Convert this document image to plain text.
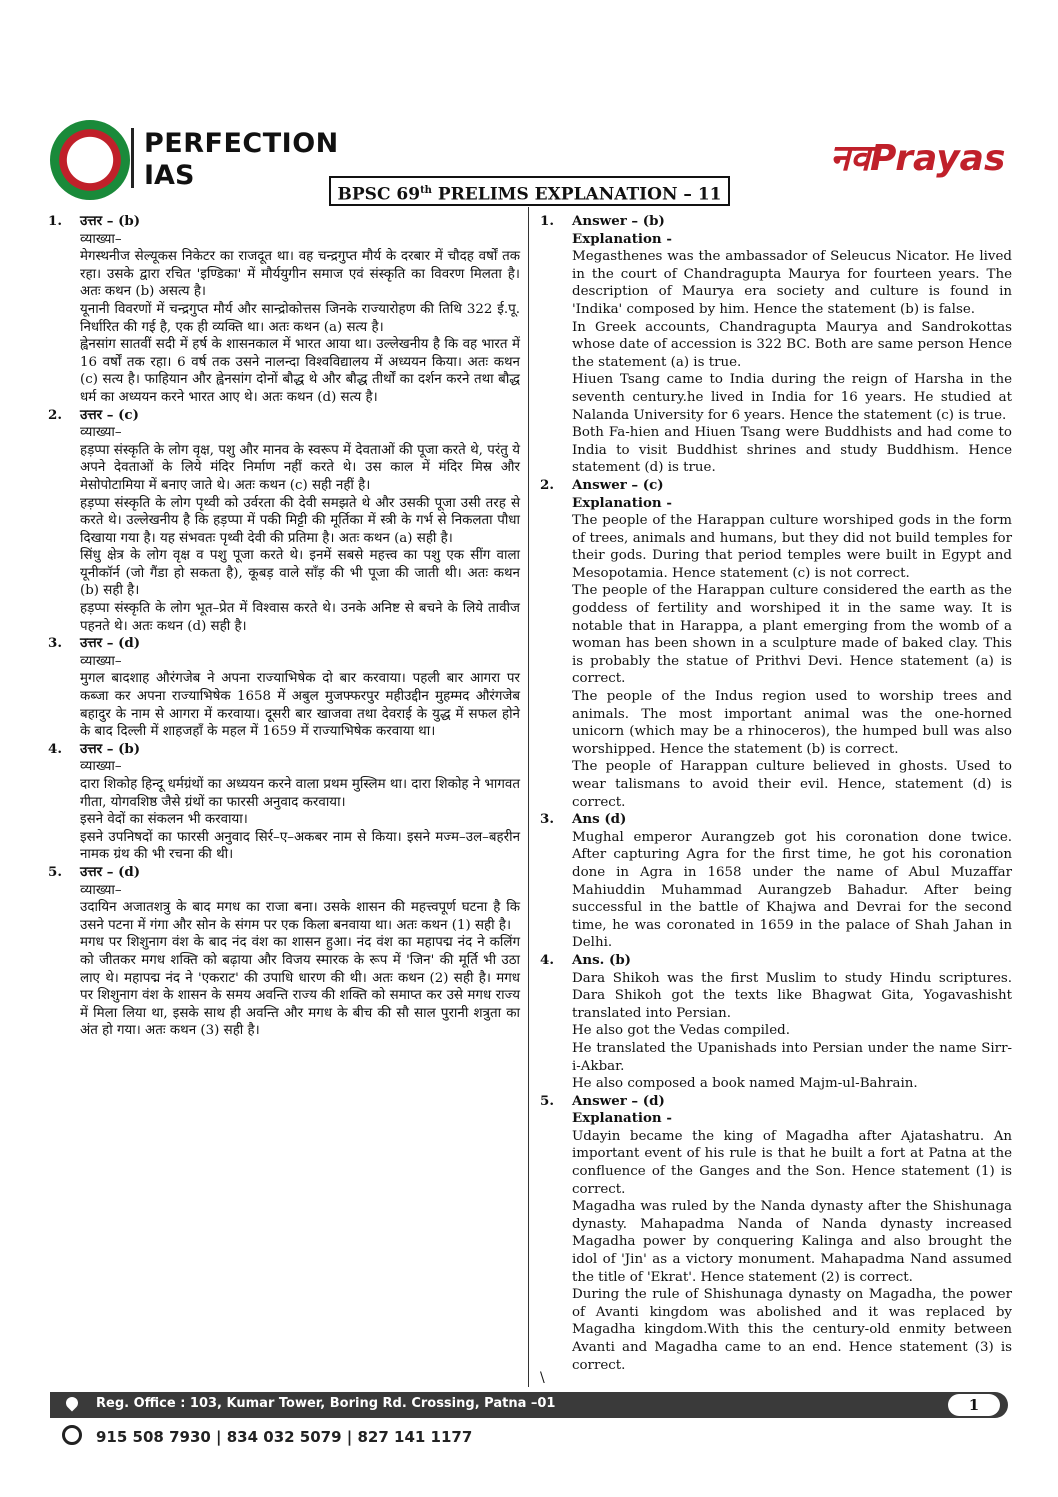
PERFECTION
IAS	नवPrayas
BPSC 69th PRELIMS EXPLANATION – 11
1.	उत्तर – (b)
व्याख्या–
मेगस्थनीज सेल्यूकस निकेटर का राजदूत था। वह चन्द्रगुप्त मौर्य के दरबार में चौदह वर्षों तक रहा। उसके द्वारा रचित 'इण्डिका' में मौर्ययुगीन समाज एवं संस्कृति का विवरण मिलता है। अतः कथन (b) असत्य है।
यूनानी विवरणों में चन्द्रगुप्त मौर्य और सान्द्रोकोत्तस जिनके राज्यारोहण की तिथि 322 ई.पू. निर्धारित की गई है, एक ही व्यक्ति था। अतः कथन (a) सत्य है।
ह्वेनसांग सातवीं सदी में हर्ष के शासनकाल में भारत आया था। उल्लेखनीय है कि वह भारत में 16 वर्षों तक रहा। 6 वर्ष तक उसने नालन्दा विश्वविद्यालय में अध्ययन किया। अतः कथन (c) सत्य है। फाहियान और ह्वेनसांग दोनों बौद्ध थे और बौद्ध तीर्थों का दर्शन करने तथा बौद्ध धर्म का अध्ययन करने भारत आए थे। अतः कथन (d) सत्य है।
2.	उत्तर – (c)
व्याख्या–
हड़प्पा संस्कृति के लोग वृक्ष, पशु और मानव के स्वरूप में देवताओं की पूजा करते थे, परंतु ये अपने देवताओं के लिये मंदिर निर्माण नहीं करते थे। उस काल में मंदिर मिस्र और मेसोपोटामिया में बनाए जाते थे। अतः कथन (c) सही नहीं है।
हड़प्पा संस्कृति के लोग पृथ्वी को उर्वरता की देवी समझते थे और उसकी पूजा उसी तरह से करते थे। उल्लेखनीय है कि हड़प्पा में पकी मिट्टी की मूर्तिका में स्त्री के गर्भ से निकलता पौधा दिखाया गया है। यह संभवतः पृथ्वी देवी की प्रतिमा है। अतः कथन (a) सही है।
सिंधु क्षेत्र के लोग वृक्ष व पशु पूजा करते थे। इनमें सबसे महत्त्व का पशु एक सींग वाला यूनीकॉर्न (जो गैंडा हो सकता है), कूबड़ वाले साँड़ की भी पूजा की जाती थी। अतः कथन (b) सही है।
हड़प्पा संस्कृति के लोग भूत–प्रेत में विश्वास करते थे। उनके अनिष्ट से बचने के लिये तावीज पहनते थे। अतः कथन (d) सही है।
3.	उत्तर – (d)
व्याख्या–
मुगल बादशाह औरंगजेब ने अपना राज्याभिषेक दो बार करवाया। पहली बार आगरा पर कब्जा कर अपना राज्याभिषेक 1658 में अबुल मुजफ्फरपुर महीउद्दीन मुहम्मद औरंगजेब बहादुर के नाम से आगरा में करवाया। दूसरी बार खाजवा तथा देवराई के युद्ध में सफल होने के बाद दिल्ली में शाहजहाँ के महल में 1659 में राज्याभिषेक करवाया था।
4.	उत्तर – (b)
व्याख्या–
दारा शिकोह हिन्दू धर्मग्रंथों का अध्ययन करने वाला प्रथम मुस्लिम था। दारा शिकोह ने भागवत गीता, योगवशिष्ठ जैसे ग्रंथों का फारसी अनुवाद करवाया।
इसने वेदों का संकलन भी करवाया।
इसने उपनिषदों का फारसी अनुवाद सिर्र–ए–अकबर नाम से किया। इसने मज्म–उल–बहरीन नामक ग्रंथ की भी रचना की थी।
5.	उत्तर – (d)
व्याख्या–
उदायिन अजातशत्रु के बाद मगध का राजा बना। उसके शासन की महत्त्वपूर्ण घटना है कि उसने पटना में गंगा और सोन के संगम पर एक किला बनवाया था। अतः कथन (1) सही है।
मगध पर शिशुनाग वंश के बाद नंद वंश का शासन हुआ। नंद वंश का महापद्म नंद ने कलिंग को जीतकर मगध शक्ति को बढ़ाया और विजय स्मारक के रूप में 'जिन' की मूर्ति भी उठा लाए थे। महापद्म नंद ने 'एकराट' की उपाधि धारण की थी। अतः कथन (2) सही है। मगध पर शिशुनाग वंश के शासन के समय अवन्ति राज्य की शक्ति को समाप्त कर उसे मगध राज्य में मिला लिया था, इसके साथ ही अवन्ति और मगध के बीच की सौ साल पुरानी शत्रुता का अंत हो गया। अतः कथन (3) सही है।
1.	Answer – (b)
Explanation -
Megasthenes was the ambassador of Seleucus Nicator. He lived in the court of Chandragupta Maurya for fourteen years. The description of Maurya era society and culture is found in 'Indika' composed by him. Hence the statement (b) is false.
In Greek accounts, Chandragupta Maurya and Sandrokottas whose date of accession is 322 BC. Both are same person Hence the statement (a) is true.
Hiuen Tsang came to India during the reign of Harsha in the seventh century.he lived in India for 16 years. He studied at Nalanda University for 6 years. Hence the statement (c) is true.
Both Fa-hien and Hiuen Tsang were Buddhists and had come to India to visit Buddhist shrines and study Buddhism. Hence statement (d) is true.
2.	Answer – (c)
Explanation -
The people of the Harappan culture worshiped gods in the form of trees, animals and humans, but they did not build temples for their gods. During that period temples were built in Egypt and Mesopotamia. Hence statement (c) is not correct.
The people of the Harappan culture considered the earth as the goddess of fertility and worshiped it in the same way. It is notable that in Harappa, a plant emerging from the womb of a woman has been shown in a sculpture made of baked clay. This is probably the statue of Prithvi Devi. Hence statement (a) is correct.
The people of the Indus region used to worship trees and animals. The most important animal was the one-horned unicorn (which may be a rhinoceros), the humped bull was also worshipped. Hence the statement (b) is correct.
The people of Harappan culture believed in ghosts. Used to wear talismans to avoid their evil. Hence, statement (d) is correct.
3.	Ans (d)
Mughal emperor Aurangzeb got his coronation done twice. After capturing Agra for the first time, he got his coronation done in Agra in 1658 under the name of Abul Muzaffar Mahiuddin Muhammad Aurangzeb Bahadur. After being successful in the battle of Khajwa and Devrai for the second time, he was coronated in 1659 in the palace of Shah Jahan in Delhi.
4.	Ans. (b)
Dara Shikoh was the first Muslim to study Hindu scriptures. Dara Shikoh got the texts like Bhagwat Gita, Yogavashisht translated into Persian.
He also got the Vedas compiled.
He translated the Upanishads into Persian under the name Sirr-i-Akbar.
He also composed a book named Majm-ul-Bahrain.
5.	Answer – (d)
Explanation -
Udayin became the king of Magadha after Ajatashatru. An important event of his rule is that he built a fort at Patna at the confluence of the Ganges and the Son. Hence statement (1) is correct.
Magadha was ruled by the Nanda dynasty after the Shishunaga dynasty. Mahapadma Nanda of Nanda dynasty increased Magadha power by conquering Kalinga and also brought the idol of 'Jin' as a victory monument. Mahapadma Nand assumed the title of 'Ekrat'. Hence statement (2) is correct.
During the rule of Shishunaga dynasty on Magadha, the power of Avanti kingdom was abolished and it was replaced by Magadha kingdom.With this the century-old enmity between Avanti and Magadha came to an end. Hence statement (3) is correct.
\
Reg. Office : 103, Kumar Tower, Boring Rd. Crossing, Patna –01	1
915 508 7930 | 834 032 5079 | 827 141 1177
